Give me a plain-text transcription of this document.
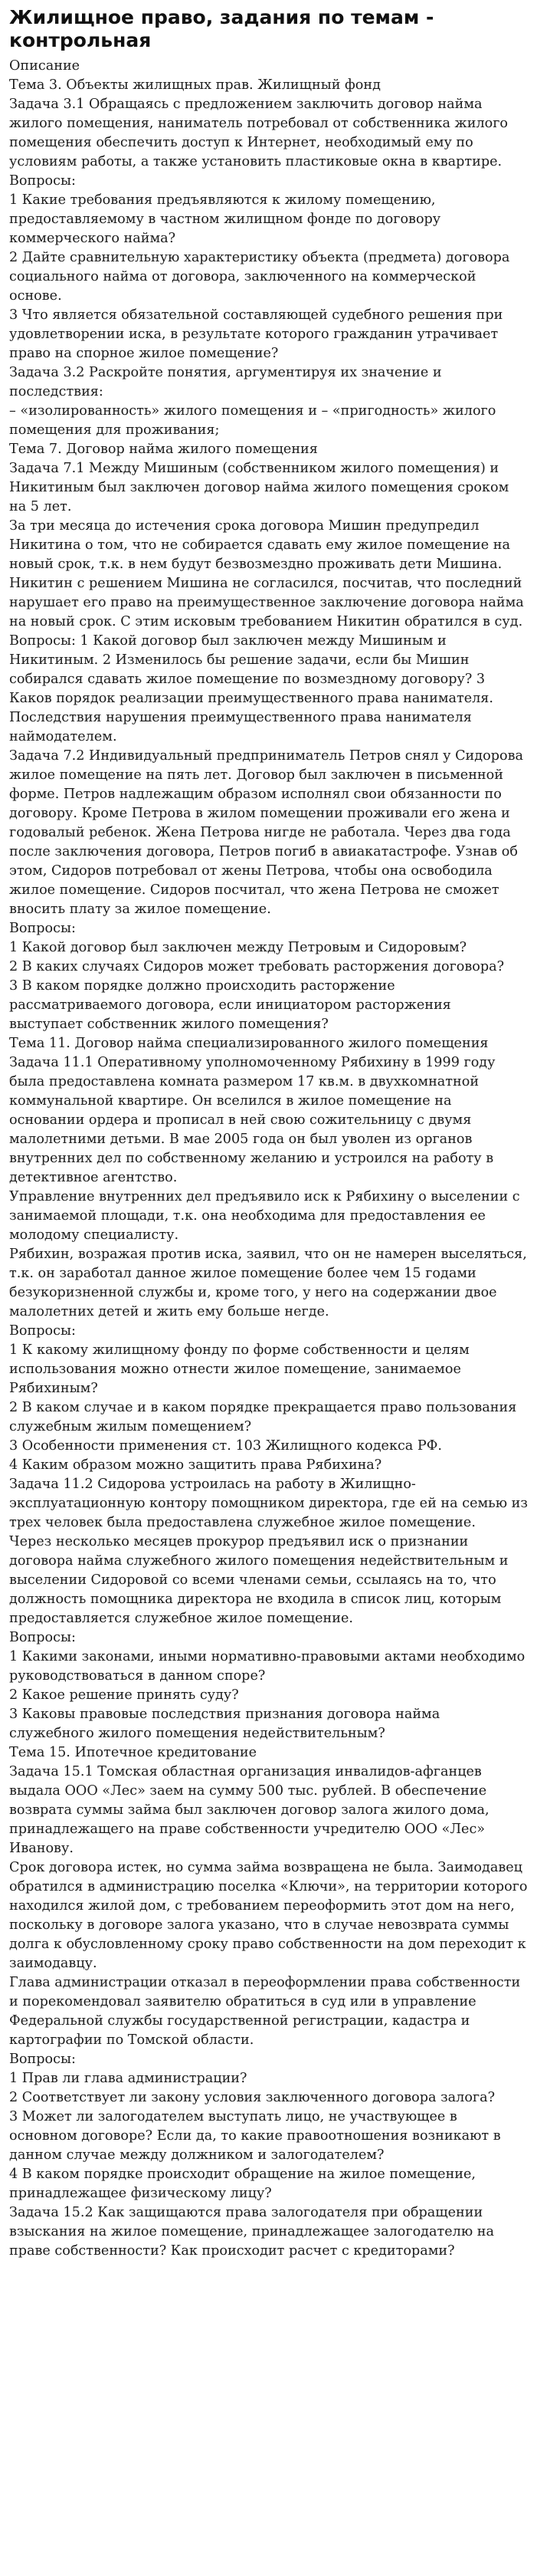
Жилищное право, задания по темам - контрольная
Описание
Тема 3. Объекты жилищных прав. Жилищный фонд
Задача 3.1 Обращаясь с предложением заключить договор найма жилого помещения, наниматель потребовал от собственника жилого помещения обеспечить доступ к Интернет, необходимый ему по условиям работы, а также установить пластиковые окна в квартире.
Вопросы:
1 Какие требования предъявляются к жилому помещению, предоставляемому в частном жилищном фонде по договору коммерческого найма?
2 Дайте сравнительную характеристику объекта (предмета) договора социального найма от договора, заключенного на коммерческой основе.
3 Что является обязательной составляющей судебного решения при удовлетворении иска, в результате которого гражданин утрачивает право на спорное жилое помещение?
Задача 3.2 Раскройте понятия, аргументируя их значение и последствия:
– «изолированность» жилого помещения и – «пригодность» жилого помещения для проживания;
Тема 7. Договор найма жилого помещения
Задача 7.1 Между Мишиным (собственником жилого помещения) и Никитиным был заключен договор найма жилого помещения сроком на 5 лет.
За три месяца до истечения срока договора Мишин предупредил Никитина о том, что не собирается сдавать ему жилое помещение на новый срок, т.к. в нем будут безвозмездно проживать дети Мишина. Никитин с решением Мишина не согласился, посчитав, что последний нарушает его право на преимущественное заключение договора найма на новый срок. С этим исковым требованием Никитин обратился в суд.
Вопросы: 1 Какой договор был заключен между Мишиным и Никитиным. 2 Изменилось бы решение задачи, если бы Мишин собирался сдавать жилое помещение по возмездному договору? 3 Каков порядок реализации преимущественного права нанимателя. Последствия нарушения преимущественного права нанимателя наймодателем.
Задача 7.2 Индивидуальный предприниматель Петров снял у Сидорова жилое помещение на пять лет. Договор был заключен в письменной форме. Петров надлежащим образом исполнял свои обязанности по договору. Кроме Петрова в жилом помещении проживали его жена и годовалый ребенок. Жена Петрова нигде не работала. Через два года после заключения договора, Петров погиб в авиакатастрофе. Узнав об этом, Сидоров потребовал от жены Петрова, чтобы она освободила жилое помещение. Сидоров посчитал, что жена Петрова не сможет вносить плату за жилое помещение.
Вопросы:
1 Какой договор был заключен между Петровым и Сидоровым?
2 В каких случаях Сидоров может требовать расторжения договора?
3 В каком порядке должно происходить расторжение рассматриваемого договора, если инициатором расторжения выступает собственник жилого помещения?
Тема 11. Договор найма специализированного жилого помещения
Задача 11.1 Оперативному уполномоченному Рябихину в 1999 году была предоставлена комната размером 17 кв.м. в двухкомнатной коммунальной квартире. Он вселился в жилое помещение на основании ордера и прописал в ней свою сожительницу с двумя малолетними детьми. В мае 2005 года он был уволен из органов внутренних дел по собственному желанию и устроился на работу в детективное агентство.
Управление внутренних дел предъявило иск к Рябихину о выселении с занимаемой площади, т.к. она необходима для предоставления ее молодому специалисту.
Рябихин, возражая против иска, заявил, что он не намерен выселяться, т.к. он заработал данное жилое помещение более чем 15 годами безукоризненной службы и, кроме того, у него на содержании двое малолетних детей и жить ему больше негде.
Вопросы:
1 К какому жилищному фонду по форме собственности и целям использования можно отнести жилое помещение, занимаемое Рябихиным?
2 В каком случае и в каком порядке прекращается право пользования служебным жилым помещением?
3 Особенности применения ст. 103 Жилищного кодекса РФ.
4 Каким образом можно защитить права Рябихина?
Задача 11.2 Сидорова устроилась на работу в Жилищно-эксплуатационную контору помощником директора, где ей на семью из трех человек была предоставлена служебное жилое помещение.
Через несколько месяцев прокурор предъявил иск о признании договора найма служебного жилого помещения недействительным и выселении Сидоровой со всеми членами семьи, ссылаясь на то, что должность помощника директора не входила в список лиц, которым предоставляется служебное жилое помещение.
Вопросы:
1 Какими законами, иными нормативно-правовыми актами необходимо руководствоваться в данном споре?
2 Какое решение принять суду?
3 Каковы правовые последствия признания договора найма служебного жилого помещения недействительным?
Тема 15. Ипотечное кредитование
Задача 15.1 Томская областная организация инвалидов-афганцев выдала ООО «Лес» заем на сумму 500 тыс. рублей. В обеспечение возврата суммы займа был заключен договор залога жилого дома, принадлежащего на праве собственности учредителю ООО «Лес» Иванову.
Срок договора истек, но сумма займа возвращена не была. Заимодавец обратился в администрацию поселка «Ключи», на территории которого находился жилой дом, с требованием переоформить этот дом на него, поскольку в договоре залога указано, что в случае невозврата суммы долга к обусловленному сроку право собственности на дом переходит к заимодавцу.
Глава администрации отказал в переоформлении права собственности и порекомендовал заявителю обратиться в суд или в управление Федеральной службы государственной регистрации, кадастра и картографии по Томской области.
Вопросы:
1 Прав ли глава администрации?
2 Соответствует ли закону условия заключенного договора залога?
3 Может ли залогодателем выступать лицо, не участвующее в основном договоре? Если да, то какие правоотношения возникают в данном случае между должником и залогодателем?
4 В каком порядке происходит обращение на жилое помещение, принадлежащее физическому лицу?
Задача 15.2 Как защищаются права залогодателя при обращении взыскания на жилое помещение, принадлежащее залогодателю на праве собственности? Как происходит расчет с кредиторами?
